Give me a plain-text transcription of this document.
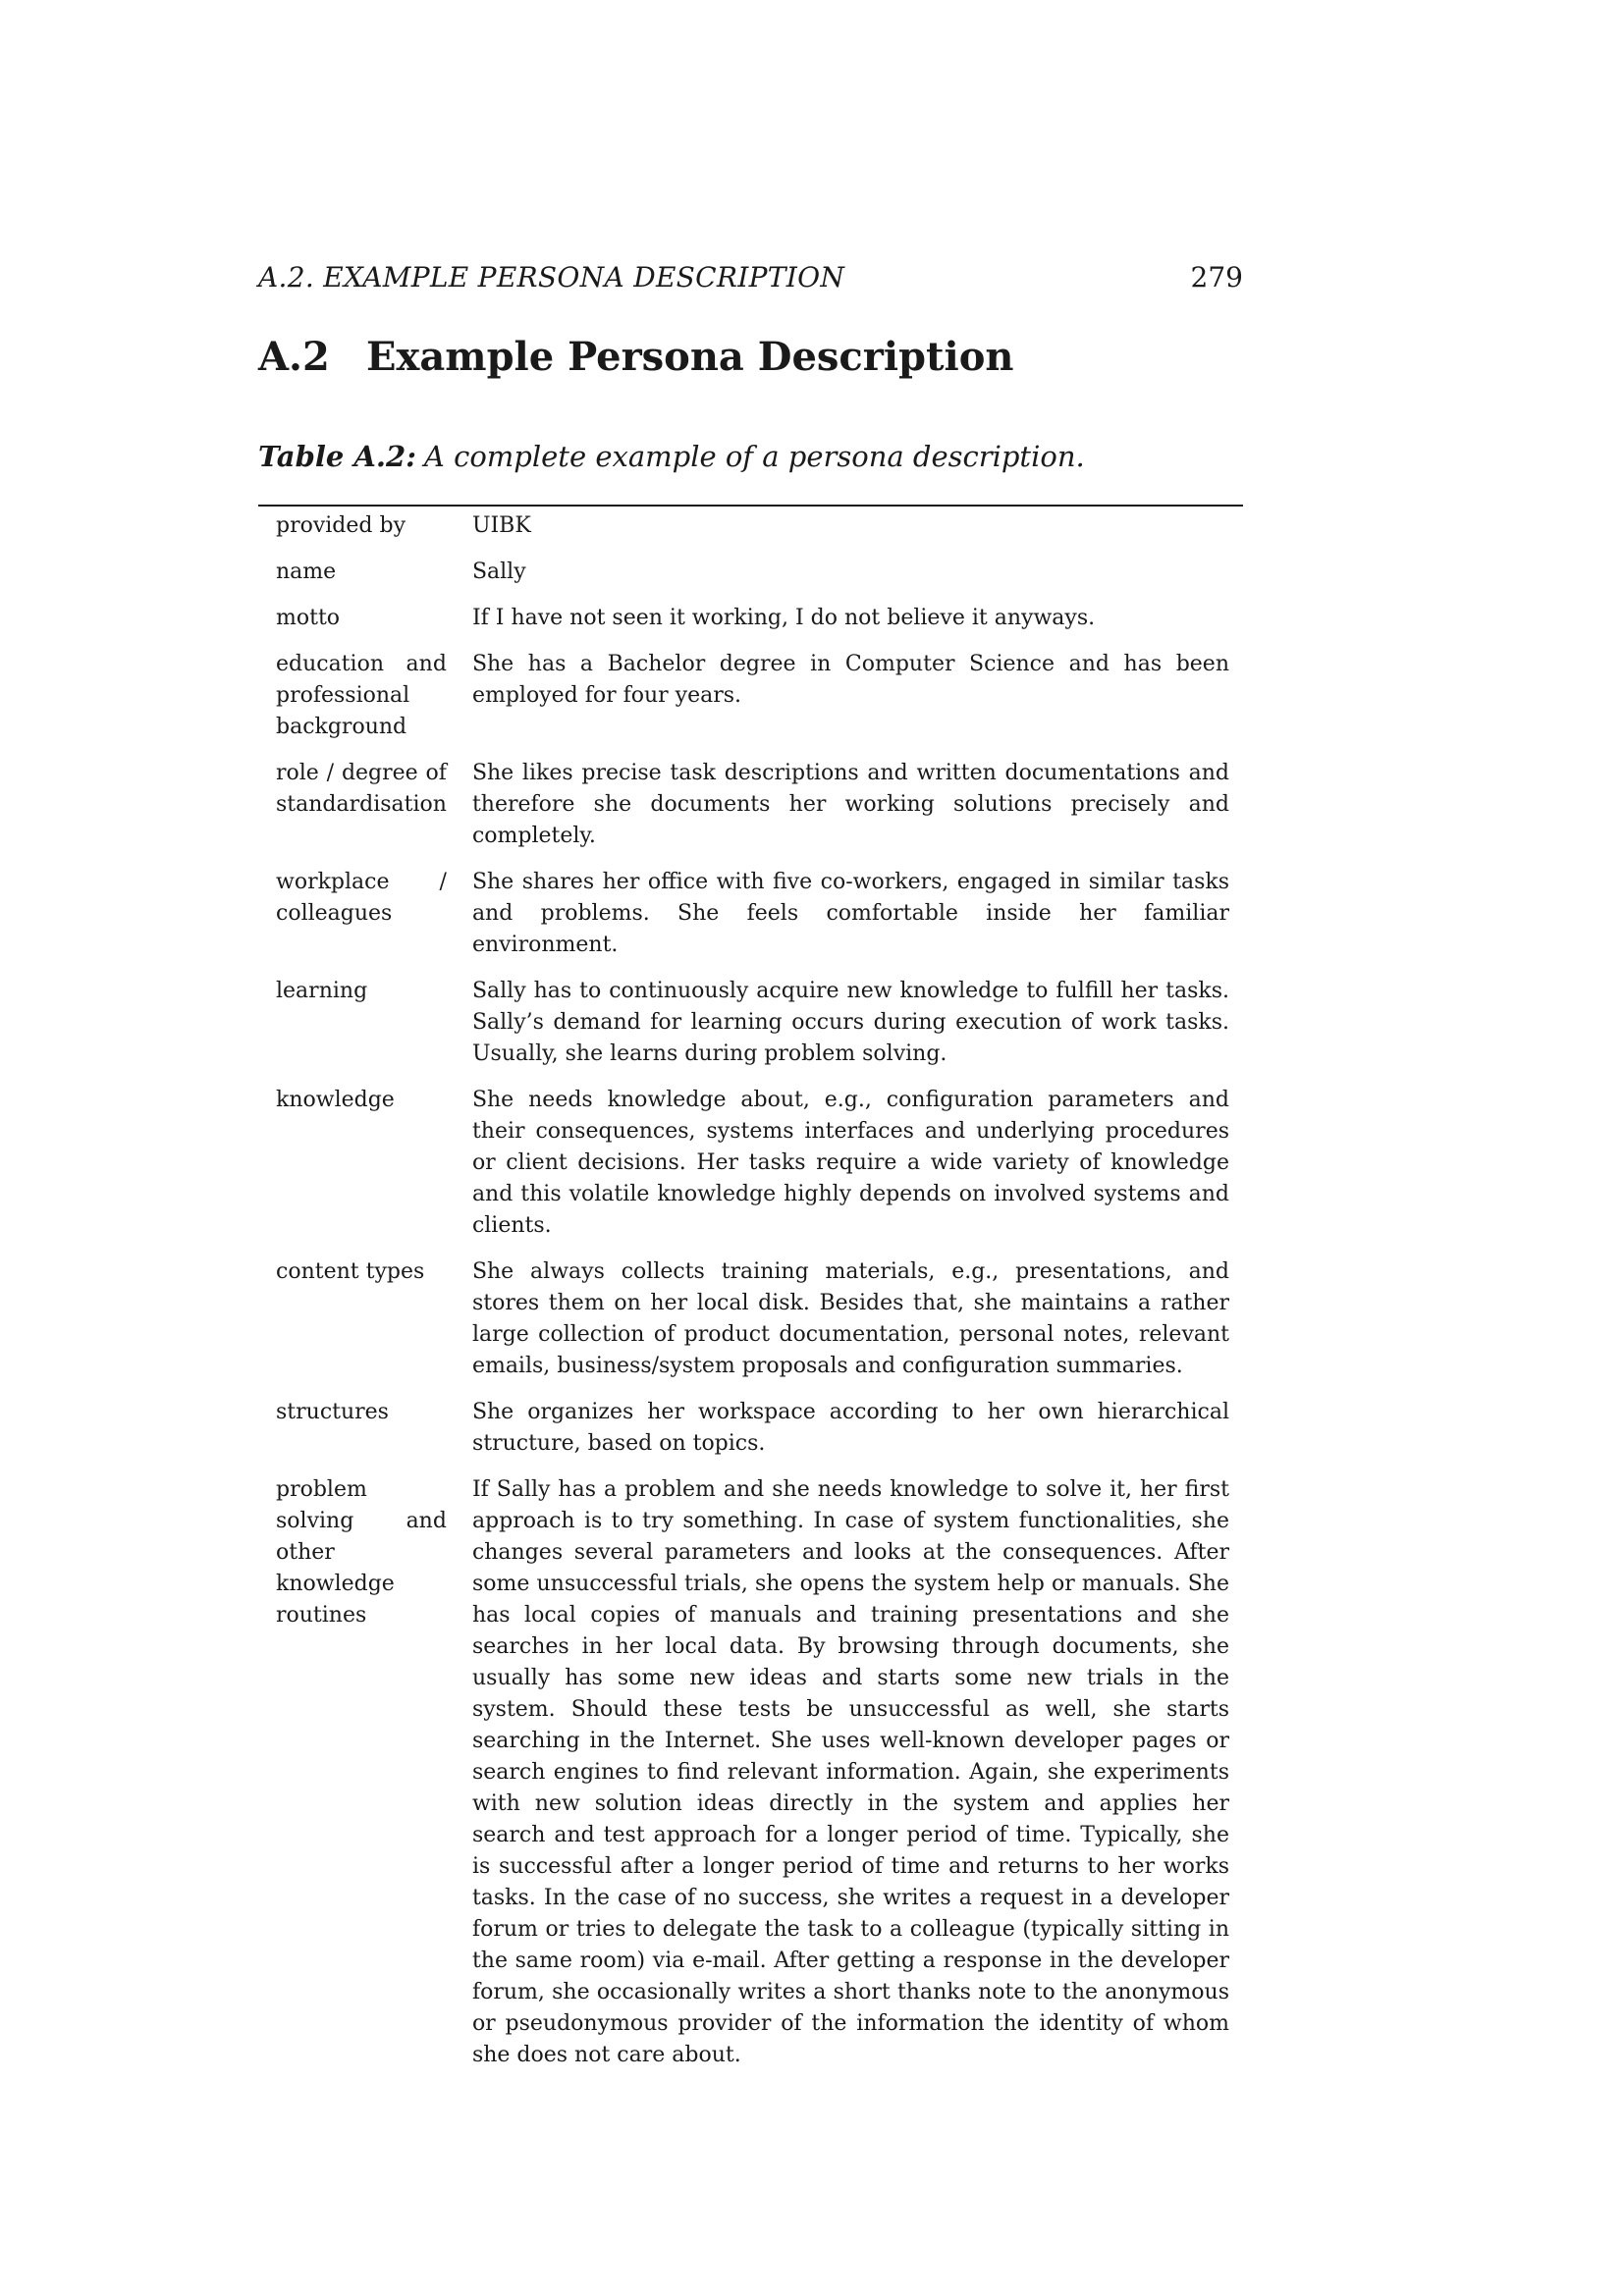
A.2. EXAMPLE PERSONA DESCRIPTION	279
A.2 Example Persona Description
Table A.2: A complete example of a persona description.
provided by	UIBK
name	Sally
motto	If I have not seen it working, I do not believe it anyways.
education and professional background	She has a Bachelor degree in Computer Science and has been employed for four years.
role / degree of standardisation	She likes precise task descriptions and written documentations and therefore she documents her working solutions precisely and completely.
workplace / colleagues	She shares her office with five co-workers, engaged in similar tasks and problems. She feels comfortable inside her familiar environment.
learning	Sally has to continuously acquire new knowledge to fulfill her tasks. Sally’s demand for learning occurs during execution of work tasks. Usually, she learns during problem solving.
knowledge	She needs knowledge about, e.g., configuration parameters and their consequences, systems interfaces and underlying procedures or client decisions. Her tasks require a wide variety of knowledge and this volatile knowledge highly depends on involved systems and clients.
content types	She always collects training materials, e.g., presentations, and stores them on her local disk. Besides that, she maintains a rather large collection of product documentation, personal notes, relevant emails, business/system proposals and configuration summaries.
structures	She organizes her workspace according to her own hierarchical structure, based on topics.
problem solving and other knowledge routines	If Sally has a problem and she needs knowledge to solve it, her first approach is to try something. In case of system functionalities, she changes several parameters and looks at the consequences. After some unsuccessful trials, she opens the system help or manuals. She has local copies of manuals and training presentations and she searches in her local data. By browsing through documents, she usually has some new ideas and starts some new trials in the system. Should these tests be unsuccessful as well, she starts searching in the Internet. She uses well-known developer pages or search engines to find relevant information. Again, she experiments with new solution ideas directly in the system and applies her search and test approach for a longer period of time. Typically, she is successful after a longer period of time and returns to her works tasks. In the case of no success, she writes a request in a developer forum or tries to delegate the task to a colleague (typically sitting in the same room) via e-mail. After getting a response in the developer forum, she occasionally writes a short thanks note to the anonymous or pseudonymous provider of the information the identity of whom she does not care about.
